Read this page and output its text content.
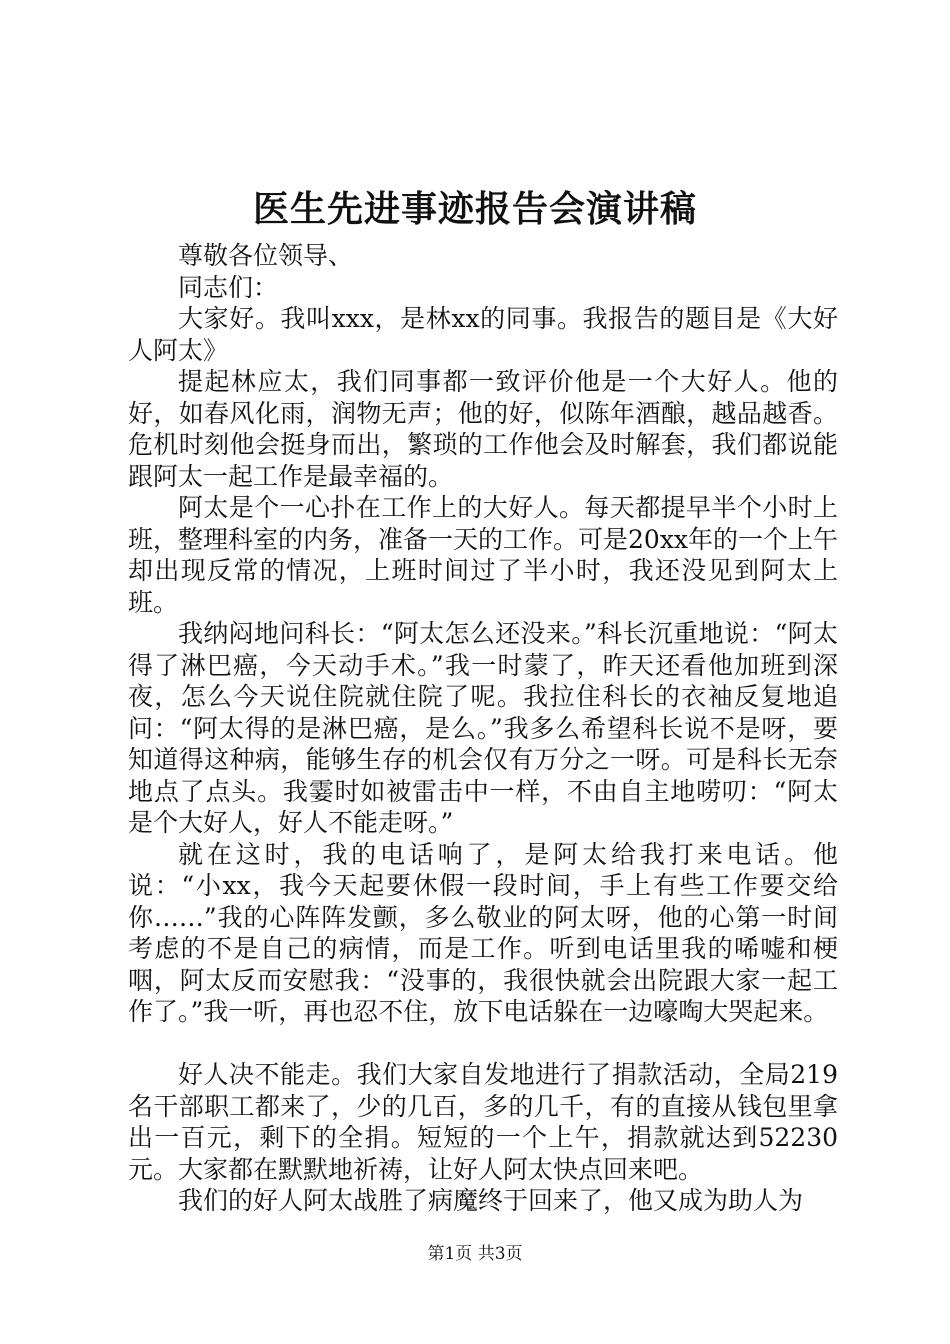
医生先进事迹报告会演讲稿

尊敬各位领导、

同志们：

大家好。我叫xxx，是林xx的同事。我报告的题目是《大好人阿太》

提起林应太，我们同事都一致评价他是一个大好人。他的好，如春风化雨，润物无声；他的好，似陈年酒酿，越品越香。危机时刻他会挺身而出，繁琐的工作他会及时解套，我们都说能跟阿太一起工作是最幸福的。

阿太是个一心扑在工作上的大好人。每天都提早半个小时上班，整理科室的内务，准备一天的工作。可是20xx年的一个上午却出现反常的情况，上班时间过了半小时，我还没见到阿太上班。

我纳闷地问科长：“阿太怎么还没来。”科长沉重地说：“阿太得了淋巴癌，今天动手术。”我一时蒙了，昨天还看他加班到深夜，怎么今天说住院就住院了呢。我拉住科长的衣袖反复地追问：“阿太得的是淋巴癌，是么。”我多么希望科长说不是呀，要知道得这种病，能够生存的机会仅有万分之一呀。可是科长无奈地点了点头。我霎时如被雷击中一样，不由自主地唠叨：“阿太是个大好人，好人不能走呀。”

就在这时，我的电话响了，是阿太给我打来电话。他说：“小xx，我今天起要休假一段时间，手上有些工作要交给你……”我的心阵阵发颤，多么敬业的阿太呀，他的心第一时间考虑的不是自己的病情，而是工作。听到电话里我的唏嘘和梗咽，阿太反而安慰我：“没事的，我很快就会出院跟大家一起工作了。”我一听，再也忍不住，放下电话躲在一边嚎啕大哭起来。

好人决不能走。我们大家自发地进行了捐款活动，全局219名干部职工都来了，少的几百，多的几千，有的直接从钱包里拿出一百元，剩下的全捐。短短的一个上午，捐款就达到52230元。大家都在默默地祈祷，让好人阿太快点回来吧。

我们的好人阿太战胜了病魔终于回来了，他又成为助人为

第1页 共3页
